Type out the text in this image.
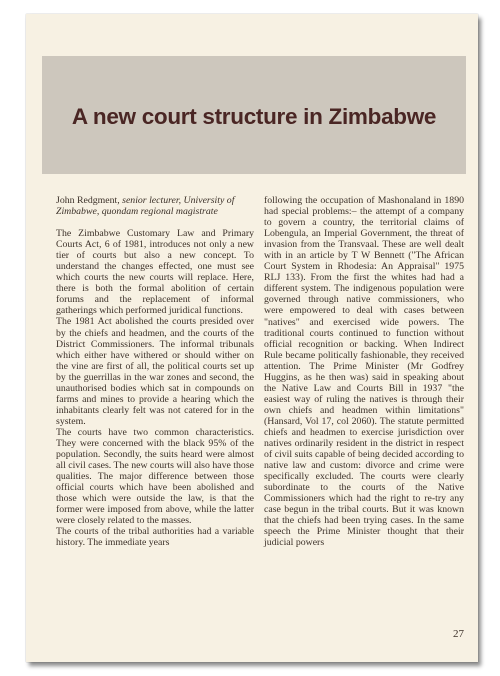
A new court structure in Zimbabwe

John Redgment, senior lecturer, University of Zimbabwe, quondam regional magistrate

The Zimbabwe Customary Law and Primary Courts Act, 6 of 1981, introduces not only a new tier of courts but also a new concept. To understand the changes effected, one must see which courts the new courts will replace. Here, there is both the formal abolition of certain forums and the replacement of informal gatherings which performed juridical functions.

The 1981 Act abolished the courts presided over by the chiefs and headmen, and the courts of the District Commissioners. The informal tribunals which either have withered or should wither on the vine are first of all, the political courts set up by the guerrillas in the war zones and second, the unauthorised bodies which sat in compounds on farms and mines to provide a hearing which the inhabitants clearly felt was not catered for in the system.

The courts have two common characteristics. They were concerned with the black 95% of the population. Secondly, the suits heard were almost all civil cases. The new courts will also have those qualities. The major difference between those official courts which have been abolished and those which were outside the law, is that the former were imposed from above, while the latter were closely related to the masses.

The courts of the tribal authorities had a variable history. The immediate years

following the occupation of Mashonaland in 1890 had special problems:– the attempt of a company to govern a country, the territorial claims of Lobengula, an Imperial Government, the threat of invasion from the Transvaal. These are well dealt with in an article by T W Bennett ("The African Court System in Rhodesia: An Appraisal" 1975 RLJ 133). From the first the whites had had a different system. The indigenous population were governed through native commissioners, who were empowered to deal with cases between "natives" and exercised wide powers. The traditional courts continued to function without official recognition or backing. When Indirect Rule became politically fashionable, they received attention. The Prime Minister (Mr Godfrey Huggins, as he then was) said in speaking about the Native Law and Courts Bill in 1937 "the easiest way of ruling the natives is through their own chiefs and headmen within limitations" (Hansard, Vol 17, col 2060). The statute permitted chiefs and headmen to exercise jurisdiction over natives ordinarily resident in the district in respect of civil suits capable of being decided according to native law and custom: divorce and crime were specifically excluded. The courts were clearly subordinate to the courts of the Native Commissioners which had the right to re-try any case begun in the tribal courts. But it was known that the chiefs had been trying cases. In the same speech the Prime Minister thought that their judicial powers

27
